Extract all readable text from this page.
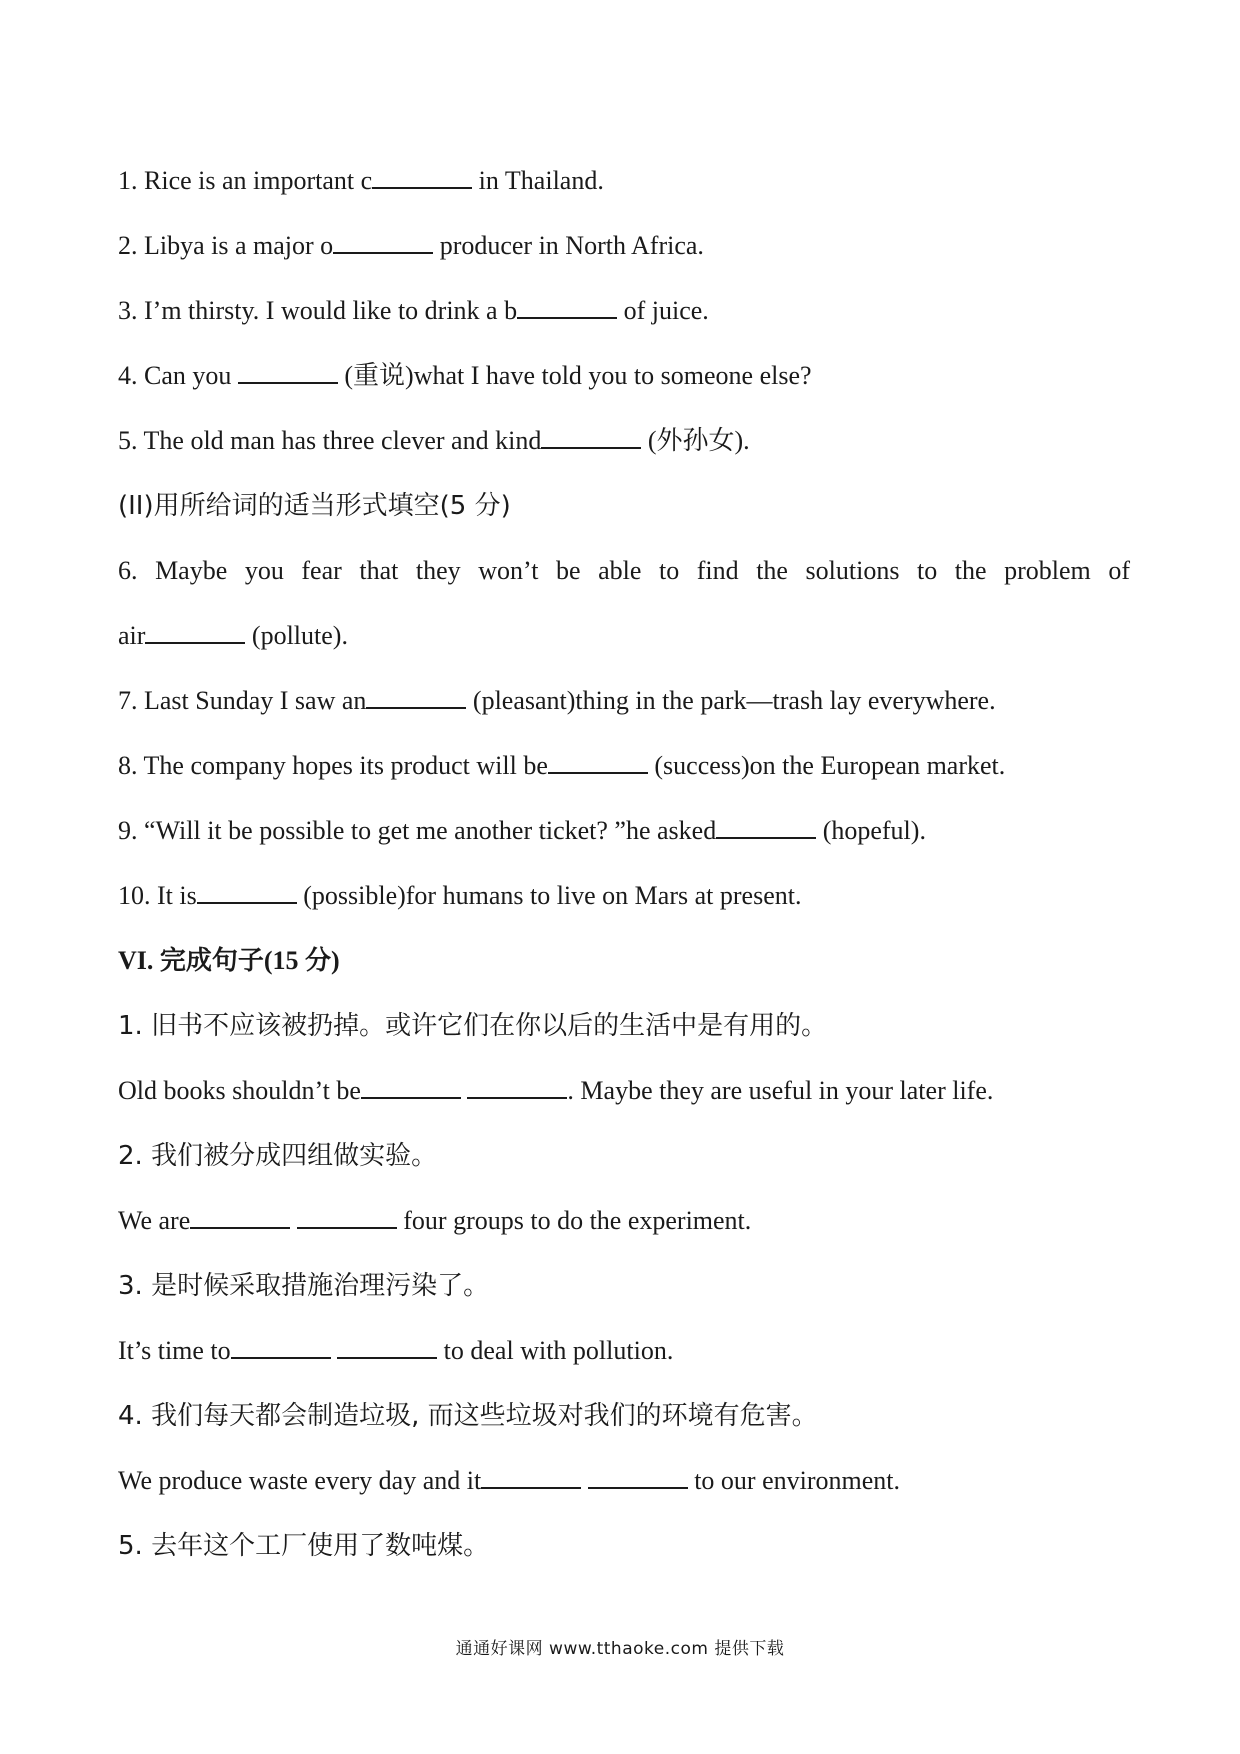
1. Rice is an important c	in Thailand.
2. Libya is a major o	producer in North Africa.
3. I’m thirsty. I would like to drink a b	of juice.
4. Can you	(重说)what I have told you to someone else?
5. The old man has three clever and kind	(外孙女).
(II)用所给词的适当形式填空(5 分)
6. Maybe you fear that they won’t be able to find the solutions to the problem of
air	(pollute).
7. Last Sunday I saw an	(pleasant)thing in the park—trash lay everywhere.
8. The company hopes its product will be	(success)on the European market.
9. “Will it be possible to get me another ticket? ”he asked	(hopeful).
10. It is	(possible)for humans to live on Mars at present.
VI. 完成句子(15 分)
1. 旧书不应该被扔掉。或许它们在你以后的生活中是有用的。
Old books shouldn’t be	. Maybe they are useful in your later life.
2. 我们被分成四组做实验。
We are	four groups to do the experiment.
3. 是时候采取措施治理污染了。
It’s time to	to deal with pollution.
4. 我们每天都会制造垃圾, 而这些垃圾对我们的环境有危害。
We produce waste every day and it	to our environment.
5. 去年这个工厂使用了数吨煤。
通通好课网 www.tthaoke.com 提供下载
